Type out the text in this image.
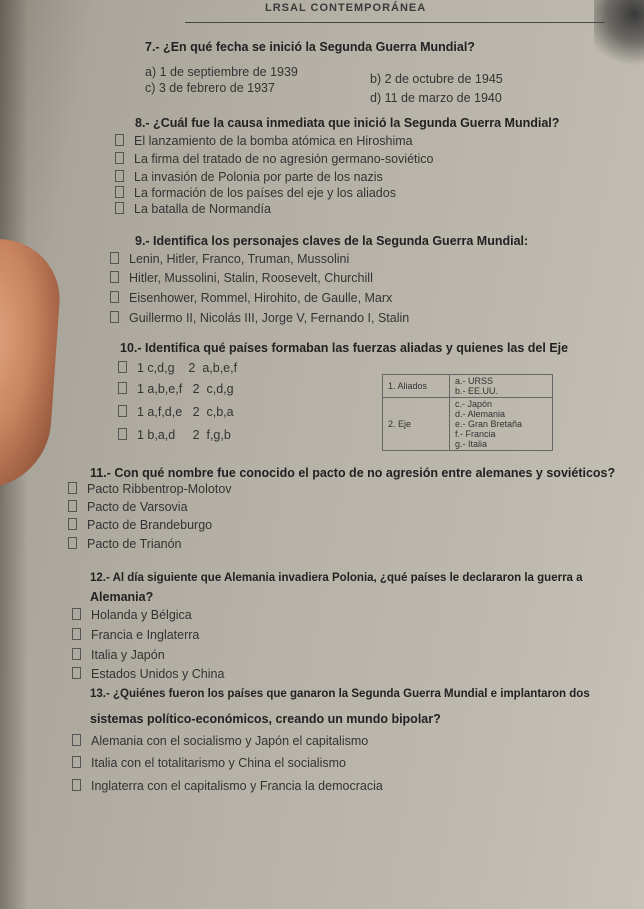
LRSAL CONTEMPORÁNEA
7.- ¿En qué fecha se inició la Segunda Guerra Mundial?
a) 1 de septiembre de 1939	b) 2 de octubre de 1945
c) 3 de febrero de 1937
d) 11 de marzo de 1940
8.- ¿Cuál fue la causa inmediata que inició la Segunda Guerra Mundial?
El lanzamiento de la bomba atómica en Hiroshima
La firma del tratado de no agresión germano-soviético
La invasión de Polonia por parte de los nazis
La formación de los países del eje y los aliados
La batalla de Normandía
9.- Identifica los personajes claves de la Segunda Guerra Mundial:
Lenin, Hitler, Franco, Truman, Mussolini
Hitler, Mussolini, Stalin, Roosevelt, Churchill
Eisenhower, Rommel, Hirohito, de Gaulle, Marx
Guillermo II, Nicolás III, Jorge V, Fernando I, Stalin
10.- Identifica qué países formaban las fuerzas aliadas y quienes las del Eje
1 c,d,g    2  a,b,e,f
1 a,b,e,f   2  c,d,g
1 a,f,d,e   2  c,b,a
1 b,a,d     2  f,g,b
1. Aliados	a.- URSS
b.- EE.UU.

2. Eje	c.- Japón
d.- Alemania
e.- Gran Bretaña
f.- Francia
g.- Italia
11.- Con qué nombre fue conocido el pacto de no agresión entre alemanes y soviéticos?
Pacto Ribbentrop-Molotov
Pacto de Varsovia
Pacto de Brandeburgo
Pacto de Trianón
12.- Al día siguiente que Alemania invadiera Polonia, ¿qué países le declararon la guerra a
Alemania?
Holanda y Bélgica
Francia e Inglaterra
Italia y Japón
Estados Unidos y China
13.- ¿Quiénes fueron los países que ganaron la Segunda Guerra Mundial e implantaron dos
sistemas político-económicos, creando un mundo bipolar?
Alemania con el socialismo y Japón el capitalismo
Italia con el totalitarismo y China el socialismo
Inglaterra con el capitalismo y Francia la democracia
